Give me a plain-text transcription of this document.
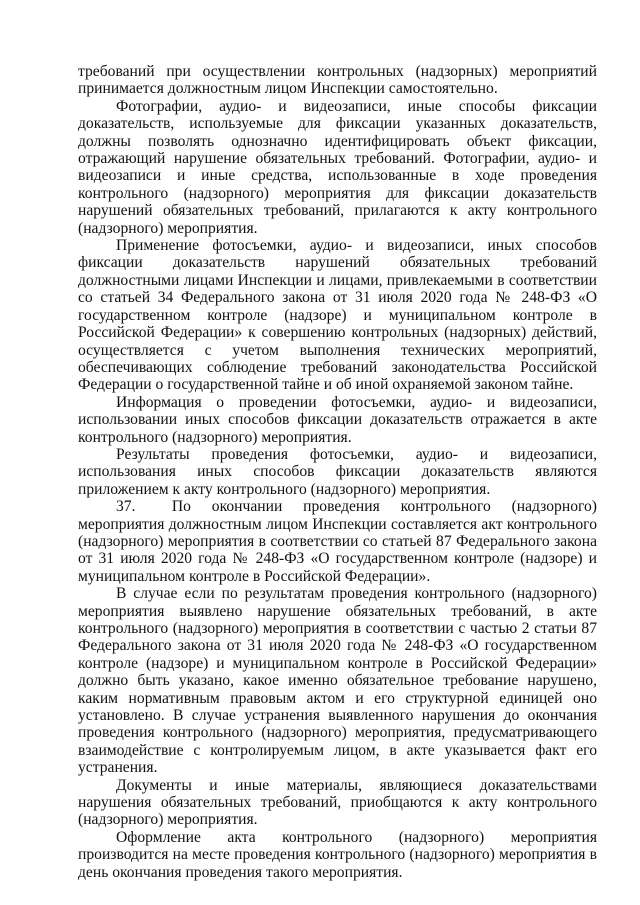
требований при осуществлении контрольных (надзорных) мероприятий принимается должностным лицом Инспекции самостоятельно.

Фотографии, аудио- и видеозаписи, иные способы фиксации доказательств, используемые для фиксации указанных доказательств, должны позволять однозначно идентифицировать объект фиксации, отражающий нарушение обязательных требований. Фотографии, аудио- и видеозаписи и иные средства, использованные в ходе проведения контрольного (надзорного) мероприятия для фиксации доказательств нарушений обязательных требований, прилагаются к акту контрольного (надзорного) мероприятия.

Применение фотосъемки, аудио- и видеозаписи, иных способов фиксации доказательств нарушений обязательных требований должностными лицами Инспекции и лицами, привлекаемыми в соответствии со статьей 34 Федерального закона от 31 июля 2020 года № 248-ФЗ «О государственном контроле (надзоре) и муниципальном контроле в Российской Федерации» к совершению контрольных (надзорных) действий, осуществляется с учетом выполнения технических мероприятий, обеспечивающих соблюдение требований законодательства Российской Федерации о государственной тайне и об иной охраняемой законом тайне.

Информация о проведении фотосъемки, аудио- и видеозаписи, использовании иных способов фиксации доказательств отражается в акте контрольного (надзорного) мероприятия.

Результаты проведения фотосъемки, аудио- и видеозаписи, использования иных способов фиксации доказательств являются приложением к акту контрольного (надзорного) мероприятия.

37.  По окончании проведения контрольного (надзорного) мероприятия должностным лицом Инспекции составляется акт контрольного (надзорного) мероприятия в соответствии со статьей 87 Федерального закона от 31 июля 2020 года № 248-ФЗ «О государственном контроле (надзоре) и муниципальном контроле в Российской Федерации».

В случае если по результатам проведения контрольного (надзорного) мероприятия выявлено нарушение обязательных требований, в акте контрольного (надзорного) мероприятия в соответствии с частью 2 статьи 87 Федерального закона от 31 июля 2020 года № 248-ФЗ «О государственном контроле (надзоре) и муниципальном контроле в Российской Федерации» должно быть указано, какое именно обязательное требование нарушено, каким нормативным правовым актом и его структурной единицей оно установлено. В случае устранения выявленного нарушения до окончания проведения контрольного (надзорного) мероприятия, предусматривающего взаимодействие с контролируемым лицом, в акте указывается факт его устранения.

Документы и иные материалы, являющиеся доказательствами нарушения обязательных требований, приобщаются к акту контрольного (надзорного) мероприятия.

Оформление акта контрольного (надзорного) мероприятия производится на месте проведения контрольного (надзорного) мероприятия в день окончания проведения такого мероприятия.
